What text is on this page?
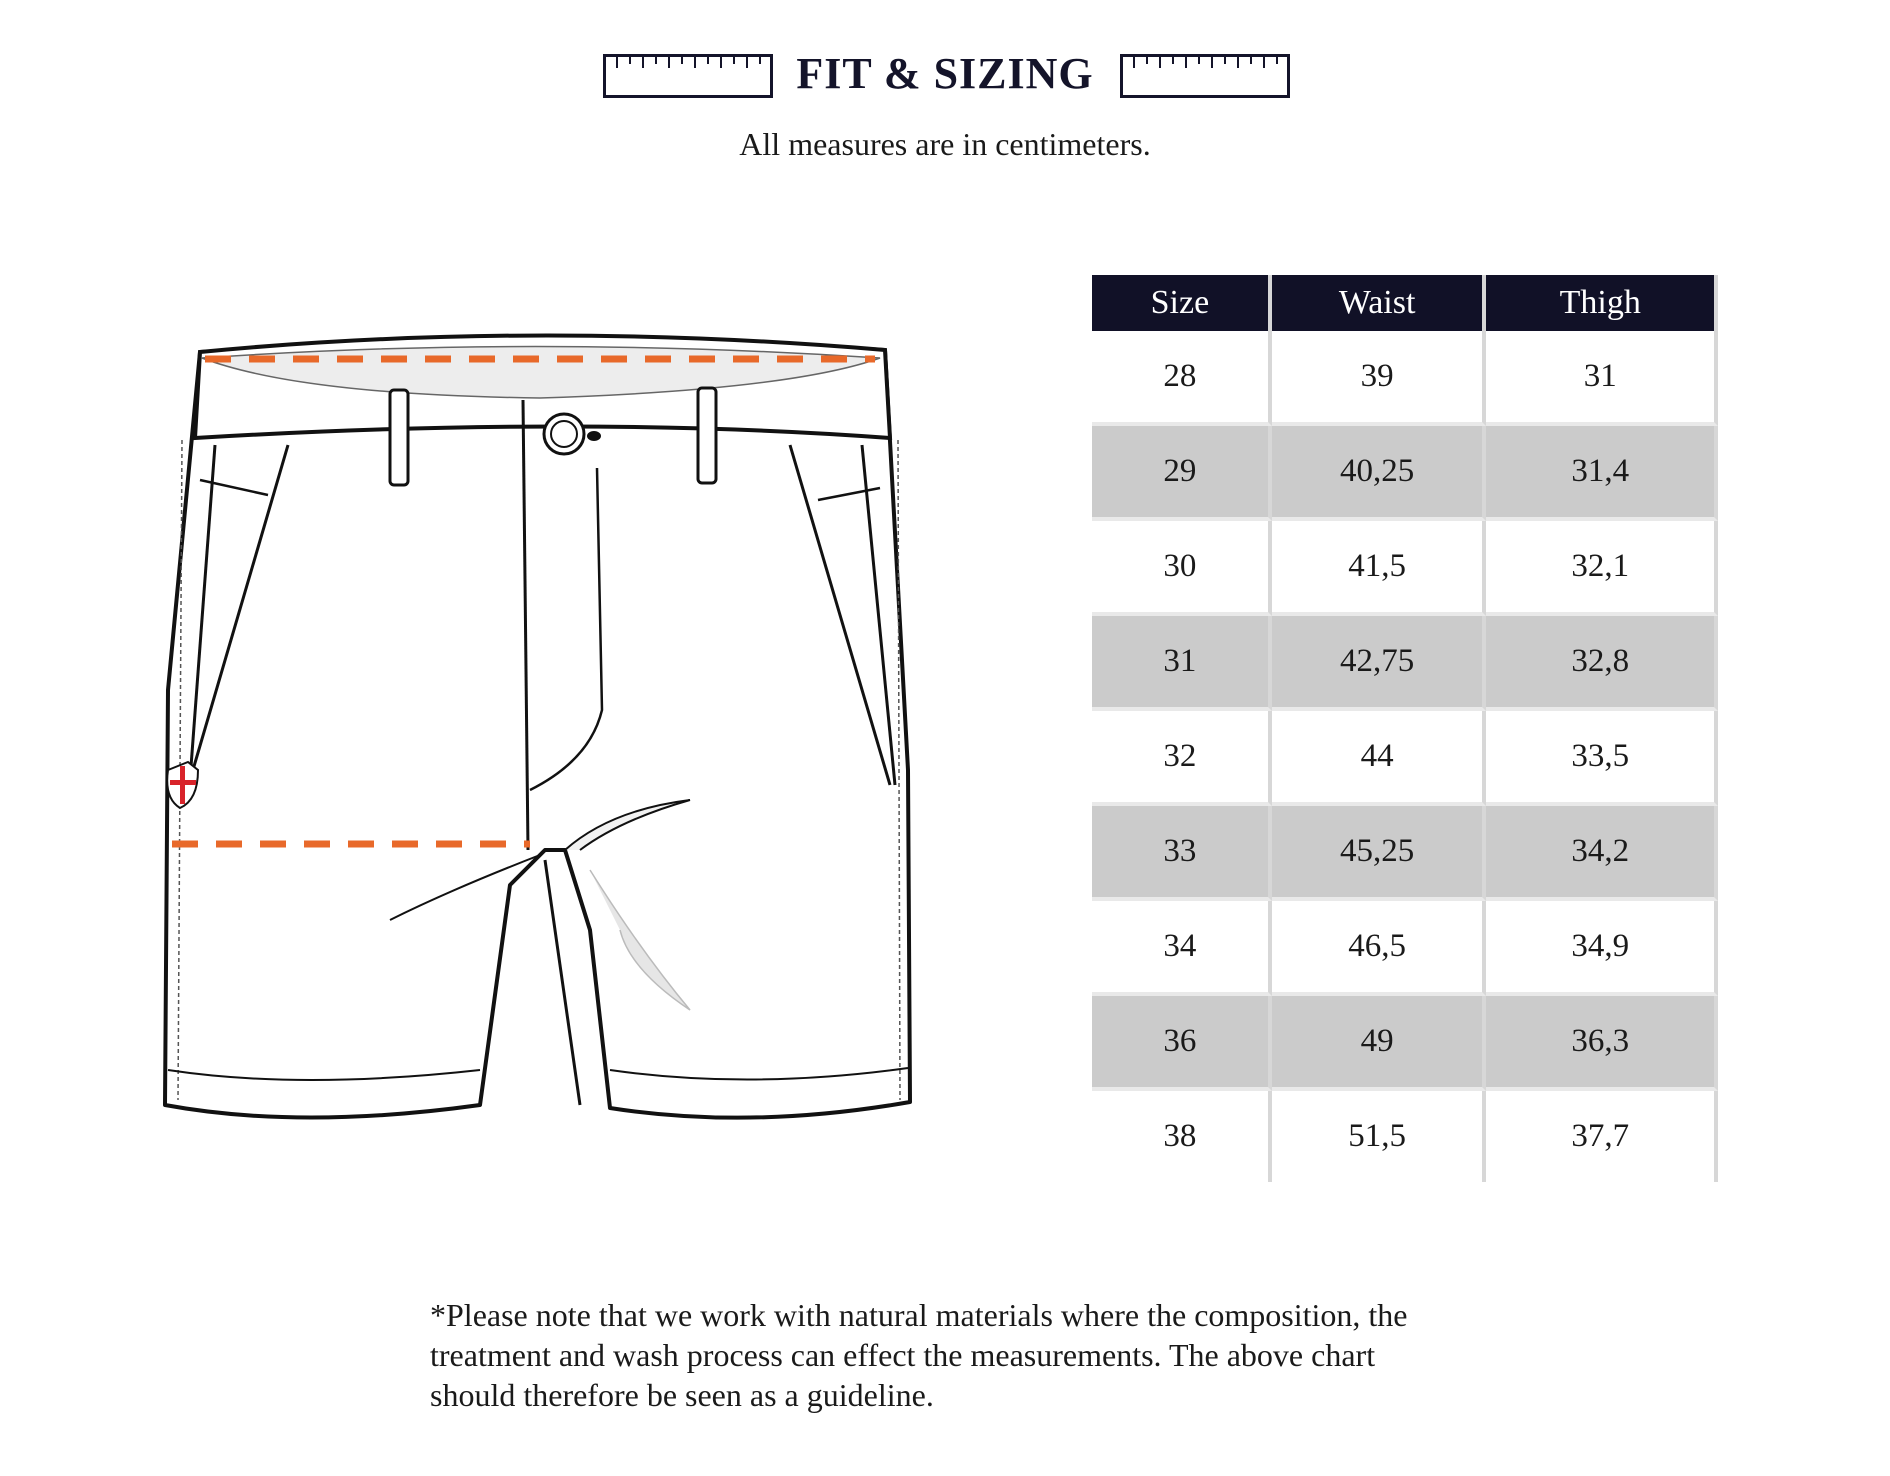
FIT & SIZING
All measures are in centimeters.
Size	Waist	Thigh
28	39	31
29	40,25	31,4
30	41,5	32,1
31	42,75	32,8
32	44	33,5
33	45,25	34,2
34	46,5	34,9
36	49	36,3
38	51,5	37,7
*Please note that we work with natural materials where the composition, the
treatment and wash process can effect the measurements. The above chart
should therefore be seen as a guideline.
